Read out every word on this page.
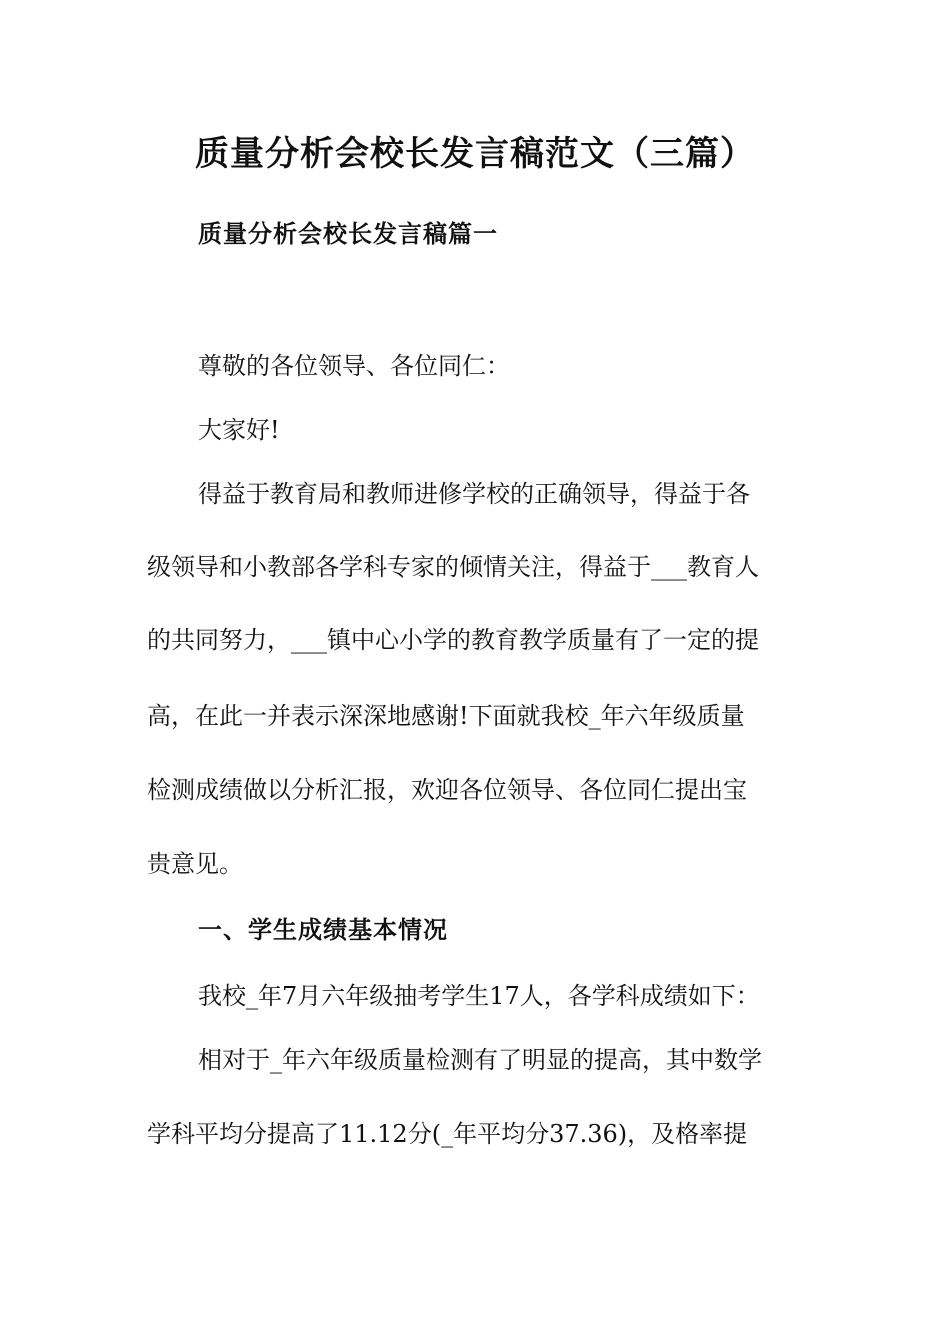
质量分析会校长发言稿范文（三篇）
质量分析会校长发言稿篇一

尊敬的各位领导、各位同仁：

大家好!

得益于教育局和教师进修学校的正确领导，得益于各

级领导和小教部各学科专家的倾情关注，得益于___教育人

的共同努力，___镇中心小学的教育教学质量有了一定的提

高，在此一并表示深深地感谢!下面就我校_年六年级质量

检测成绩做以分析汇报，欢迎各位领导、各位同仁提出宝

贵意见。

一、学生成绩基本情况

我校_年7月六年级抽考学生17人，各学科成绩如下：

相对于_年六年级质量检测有了明显的提高，其中数学

学科平均分提高了11.12分(_年平均分37.36)，及格率提
